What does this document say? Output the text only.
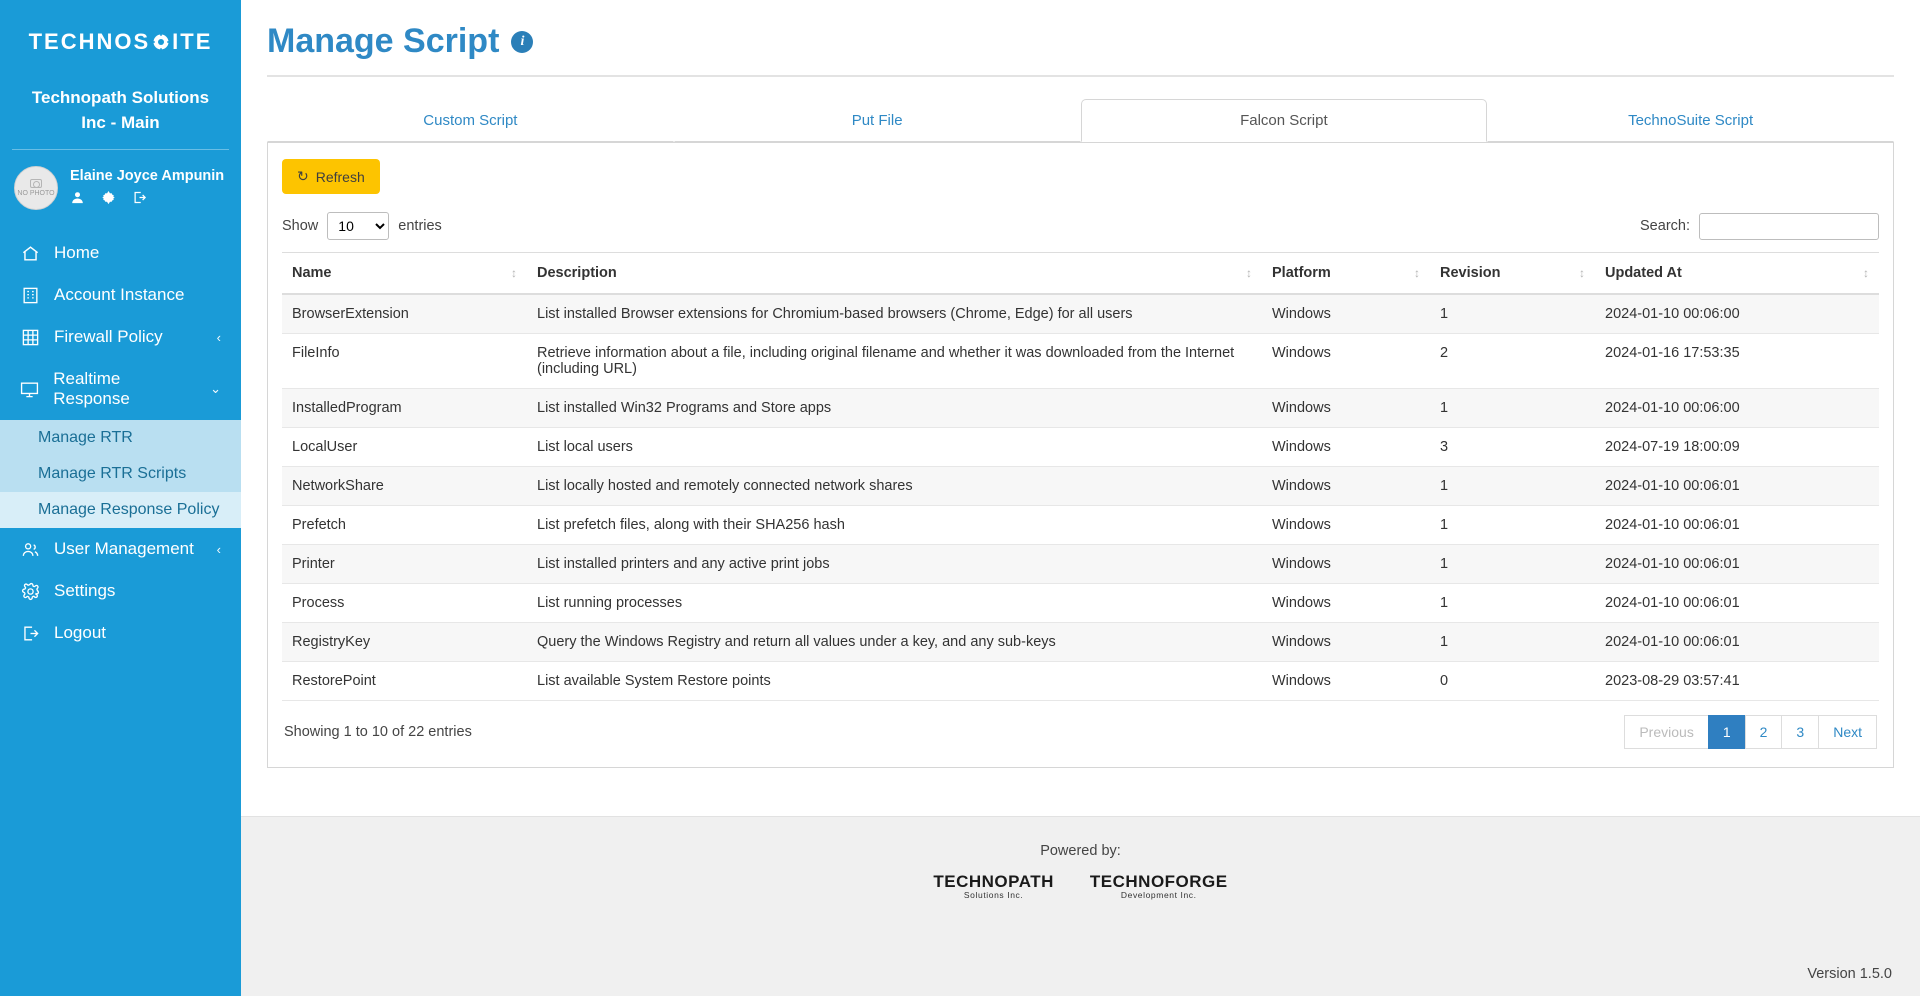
TECHNOS ITE
Technopath Solutions Inc - Main
NO PHOTO
Elaine Joyce Ampunin
Home
Account Instance
Firewall Policy	‹
Realtime Response
⌄
Manage RTR
Manage RTR Scripts
Manage Response Policy
User Management ‹
Settings
Logout
Manage Script	i
Custom Script	Put File	Falcon Script	TechnoSuite Script
↻ Refresh
Show
10	entries	Search:
Name ↕	Description ↕	Platform ↕	Revision ↕	Updated At ↕

BrowserExtension	List installed Browser extensions for Chromium-based browsers (Chrome, Edge) for all users	Windows	1	2024-01-10 00:06:00
FileInfo	Retrieve information about a file, including original filename and whether it was downloaded from the Internet (including URL)	Windows	2	2024-01-16 17:53:35
InstalledProgram	List installed Win32 Programs and Store apps	Windows	1	2024-01-10 00:06:00
LocalUser	List local users	Windows	3	2024-07-19 18:00:09
NetworkShare	List locally hosted and remotely connected network shares	Windows	1	2024-01-10 00:06:01
Prefetch	List prefetch files, along with their SHA256 hash	Windows	1	2024-01-10 00:06:01
Printer	List installed printers and any active print jobs	Windows	1	2024-01-10 00:06:01
Process	List running processes	Windows	1	2024-01-10 00:06:01
RegistryKey	Query the Windows Registry and return all values under a key, and any sub-keys	Windows	1	2024-01-10 00:06:01
RestorePoint	List available System Restore points	Windows	0	2023-08-29 03:57:41
Showing 1 to 10 of 22 entries	Previous	1	2	3	Next
Powered by:
TECHNOPATH
Solutions Inc.
TECHNOFORGE
Development Inc.
Version 1.5.0
